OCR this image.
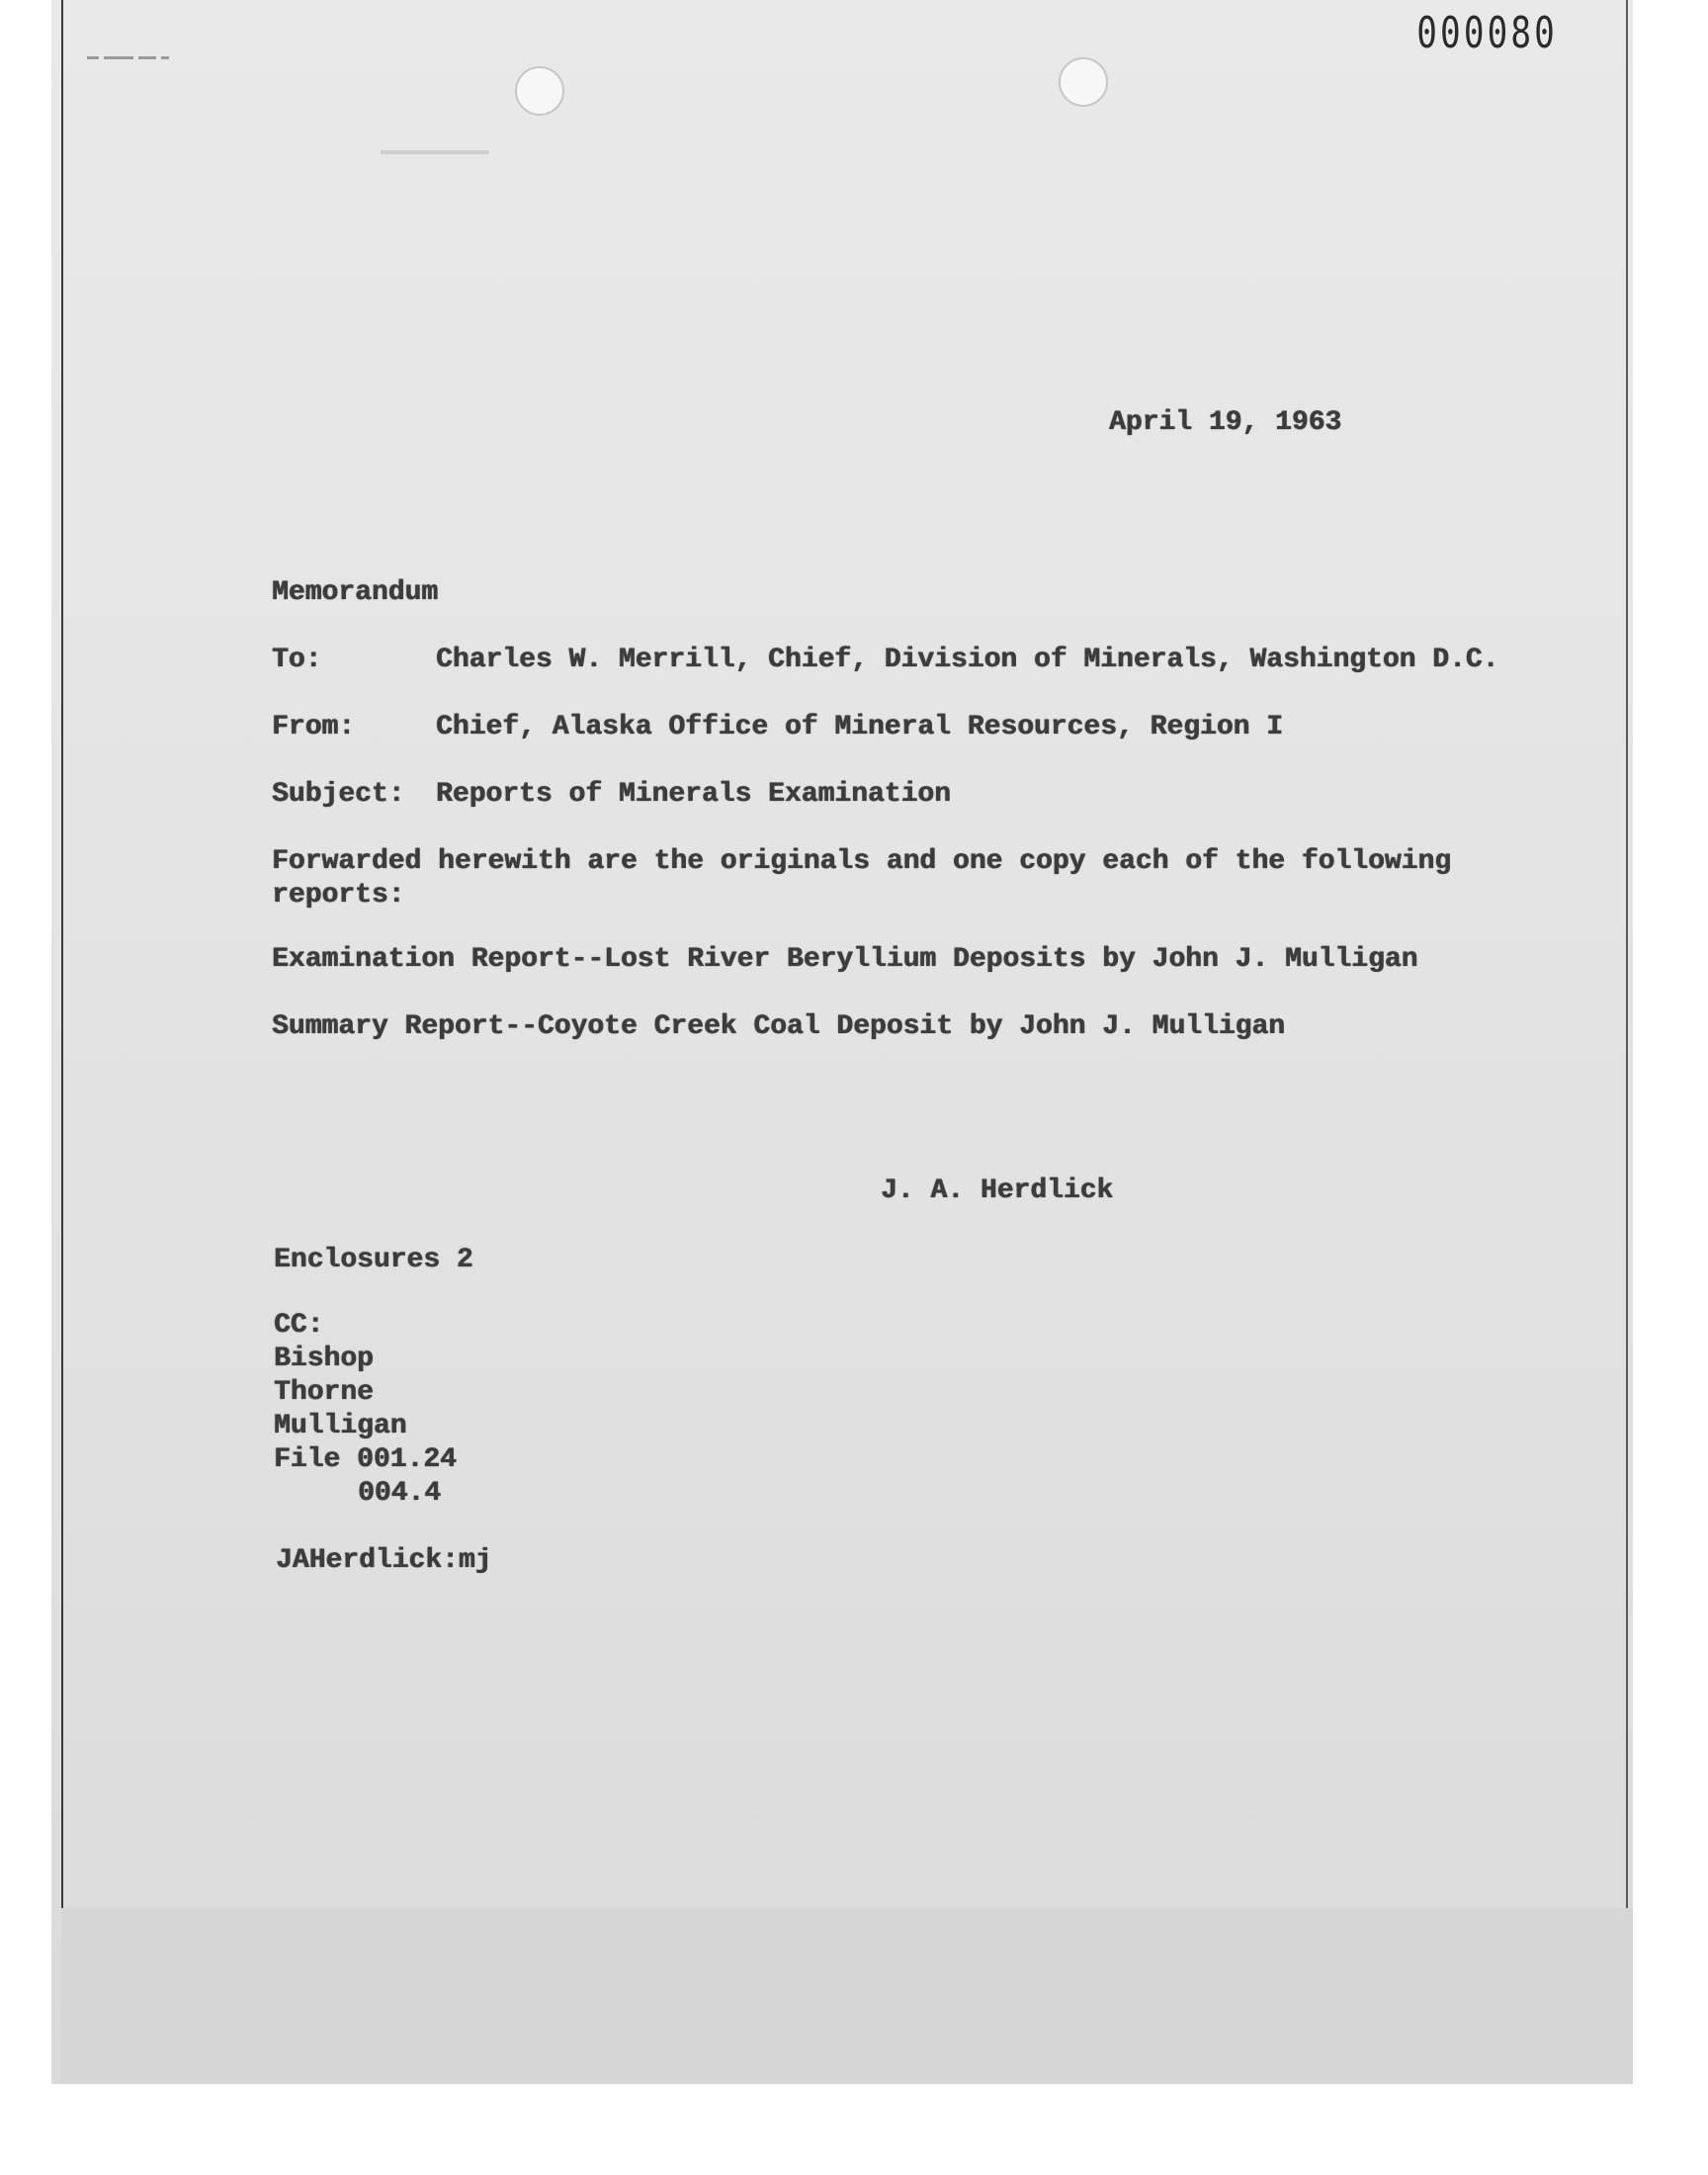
000080
April 19, 1963
Memorandum
To:	Charles W. Merrill, Chief, Division of Minerals, Washington D.C.
From:	Chief, Alaska Office of Mineral Resources, Region I
Subject: Reports of Minerals Examination
Forwarded herewith are the originals and one copy each of the following
reports:
Examination Report--Lost River Beryllium Deposits by John J. Mulligan
Summary Report--Coyote Creek Coal Deposit by John J. Mulligan
J. A. Herdlick
Enclosures 2
CC:
Bishop
Thorne
Mulligan
File 001.24
004.4
JAHerdlick:mj
